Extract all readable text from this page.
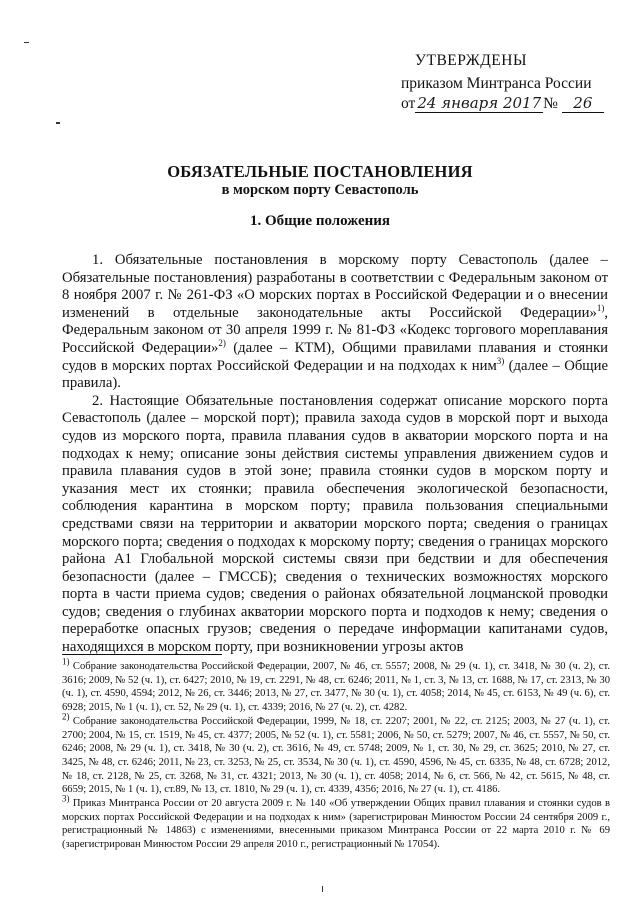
УТВЕРЖДЕНЫ
приказом Минтранса России
от 24 января 2017 № 26
ОБЯЗАТЕЛЬНЫЕ ПОСТАНОВЛЕНИЯ
в морском порту Севастополь
1. Общие положения

1. Обязательные постановления в морскому порту Севастополь (далее – Обязательные постановления) разработаны в соответствии с Федеральным законом от 8 ноября 2007 г. № 261-ФЗ «О морских портах в Российской Федерации и о внесении изменений в отдельные законодательные акты Российской Федерации»$^{1)}$, Федеральным законом от 30 апреля 1999 г. № 81-ФЗ «Кодекс торгового мореплавания Российской Федерации»$^{2)}$ (далее – КТМ), Общими правилами плавания и стоянки судов в морских портах Российской Федерации и на подходах к ним$^{3)}$ (далее – Общие правила).

2. Настоящие Обязательные постановления содержат описание морского порта Севастополь (далее – морской порт); правила захода судов в морской порт и выхода судов из морского порта, правила плавания судов в акватории морского порта и на подходах к нему; описание зоны действия системы управления движением судов и правила плавания судов в этой зоне; правила стоянки судов в морском порту и указания мест их стоянки; правила обеспечения экологической безопасности, соблюдения карантина в морском порту; правила пользования специальными средствами связи на территории и акватории морского порта; сведения о границах морского порта; сведения о подходах к морскому порту; сведения о границах морского района А1 Глобальной морской системы связи при бедствии и для обеспечения безопасности (далее – ГМССБ); сведения о технических возможностях морского порта в части приема судов; сведения о районах обязательной лоцманской проводки судов; сведения о глубинах акватории морского порта и подходов к нему; сведения о переработке опасных грузов; сведения о передаче информации капитанами судов, находящихся в морском порту, при возникновении угрозы актов

$^{1)}$ Собрание законодательства Российской Федерации, 2007, № 46, ст. 5557; 2008, № 29 (ч. 1), ст. 3418, № 30 (ч. 2), ст. 3616; 2009, № 52 (ч. 1), ст. 6427; 2010, № 19, ст. 2291, № 48, ст. 6246; 2011, № 1, ст. 3, № 13, ст. 1688, № 17, ст. 2313, № 30 (ч. 1), ст. 4590, 4594; 2012, № 26, ст. 3446; 2013, № 27, ст. 3477, № 30 (ч. 1), ст. 4058; 2014, № 45, ст. 6153, № 49 (ч. 6), ст. 6928; 2015, № 1 (ч. 1), ст. 52, № 29 (ч. 1), ст. 4339; 2016, № 27 (ч. 2), ст. 4282.

$^{2)}$ Собрание законодательства Российской Федерации, 1999, № 18, ст. 2207; 2001, № 22, ст. 2125; 2003, № 27 (ч. 1), ст. 2700; 2004, № 15, ст. 1519, № 45, ст. 4377; 2005, № 52 (ч. 1), ст. 5581; 2006, № 50, ст. 5279; 2007, № 46, ст. 5557, № 50, ст. 6246; 2008, № 29 (ч. 1), ст. 3418, № 30 (ч. 2), ст. 3616, № 49, ст. 5748; 2009, № 1, ст. 30, № 29, ст. 3625; 2010, № 27, ст. 3425, № 48, ст. 6246; 2011, № 23, ст. 3253, № 25, ст. 3534, № 30 (ч. 1), ст. 4590, 4596, № 45, ст. 6335, № 48, ст. 6728; 2012, № 18, ст. 2128, № 25, ст. 3268, № 31, ст. 4321; 2013, № 30 (ч. 1), ст. 4058; 2014, № 6, ст. 566, № 42, ст. 5615, № 48, ст. 6659; 2015, № 1 (ч. 1), ст.89, № 13, ст. 1810, № 29 (ч. 1), ст. 4339, 4356; 2016, № 27 (ч. 1), ст. 4186.

$^{3)}$ Приказ Минтранса России от 20 августа 2009 г. № 140 «Об утверждении Общих правил плавания и стоянки судов в морских портах Российской Федерации и на подходах к ним» (зарегистрирован Минюстом России 24 сентября 2009 г., регистрационный № 14863) с изменениями, внесенными приказом Минтранса России от 22 марта 2010 г. № 69 (зарегистрирован Минюстом России 29 апреля 2010 г., регистрационный № 17054).
